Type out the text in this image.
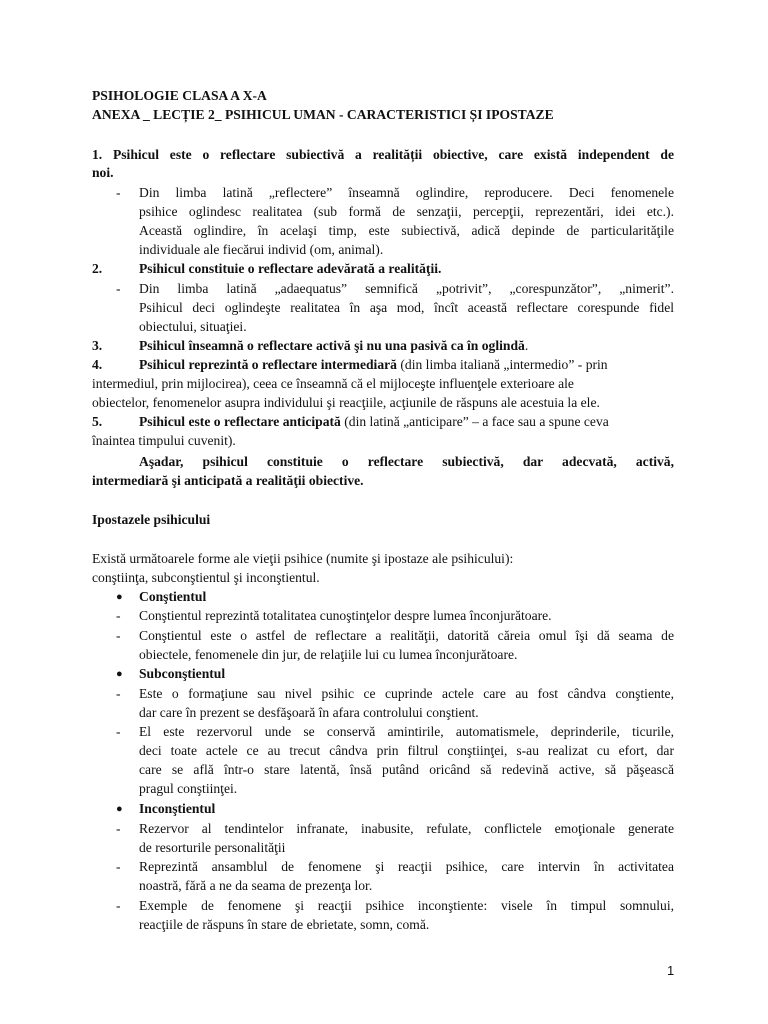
PSIHOLOGIE CLASA A X-A
ANEXA _ LECȚIE 2_ PSIHICUL UMAN - CARACTERISTICI ȘI IPOSTAZE
1. Psihicul este o reflectare subiectivă a realității obiective, care există independent de
noi.
- Din limba latină „reflectere” înseamnă oglindire, reproducere. Deci fenomenele
psihice oglindesc realitatea (sub formă de senzaţii, percepţii, reprezentări, idei etc.).
Această oglindire, în acelaşi timp, este subiectivă, adică depinde de particularităţile
individuale ale fiecărui individ (om, animal).
2.	Psihicul constituie o reflectare adevărată a realităţii.
- Din limba latină „adaequatus” semnifică „potrivit”, „corespunzător”, „nimerit”.
Psihicul deci oglindeşte realitatea în aşa mod, încît această reflectare corespunde fidel
obiectului, situaţiei.
3.	Psihicul înseamnă o reflectare activă şi nu una pasivă ca în oglindă.
4.	Psihicul reprezintă o reflectare intermediară (din limba italiană „intermedio” - prin
intermediul, prin mijlocirea), ceea ce înseamnă că el mijloceşte influenţele exterioare ale
obiectelor, fenomenelor asupra individului şi reacţiile, acţiunile de răspuns ale acestuia la ele.
5.	Psihicul este o reflectare anticipată (din latină „anticipare” – a face sau a spune ceva
înaintea timpului cuvenit).
Aşadar, psihicul constituie o reflectare subiectivă, dar adecvată, activă,
intermediară şi anticipată a realităţii obiective.
Ipostazele psihicului
Există următoarele forme ale vieţii psihice (numite şi ipostaze ale psihicului):
conştiinţa, subconştientul şi inconştientul.
● Conştientul
- Conştientul reprezintă totalitatea cunoştinţelor despre lumea înconjurătoare.
- Conştientul este o astfel de reflectare a realităţii, datorită căreia omul îşi dă seama de
obiectele, fenomenele din jur, de relaţiile lui cu lumea înconjurătoare.
● Subconştientul
- Este o formaţiune sau nivel psihic ce cuprinde actele care au fost cândva conştiente,
dar care în prezent se desfăşoară în afara controlului conştient.
- El este rezervorul unde se conservă amintirile, automatismele, deprinderile, ticurile,
deci toate actele ce au trecut cândva prin filtrul conştiinţei, s-au realizat cu efort, dar
care se află într-o stare latentă, însă putând oricând să redevină active, să păşească
pragul conştiinţei.
● Inconştientul
- Rezervor al tendintelor infranate, inabusite, refulate, conflictele emoţionale generate
de resorturile personalităţii
- Reprezintă ansamblul de fenomene şi reacţii psihice, care intervin în activitatea
noastră, fără a ne da seama de prezenţa lor.
- Exemple de fenomene şi reacţii psihice inconştiente: visele în timpul somnului,
reacţiile de răspuns în stare de ebrietate, somn, comă.
1
